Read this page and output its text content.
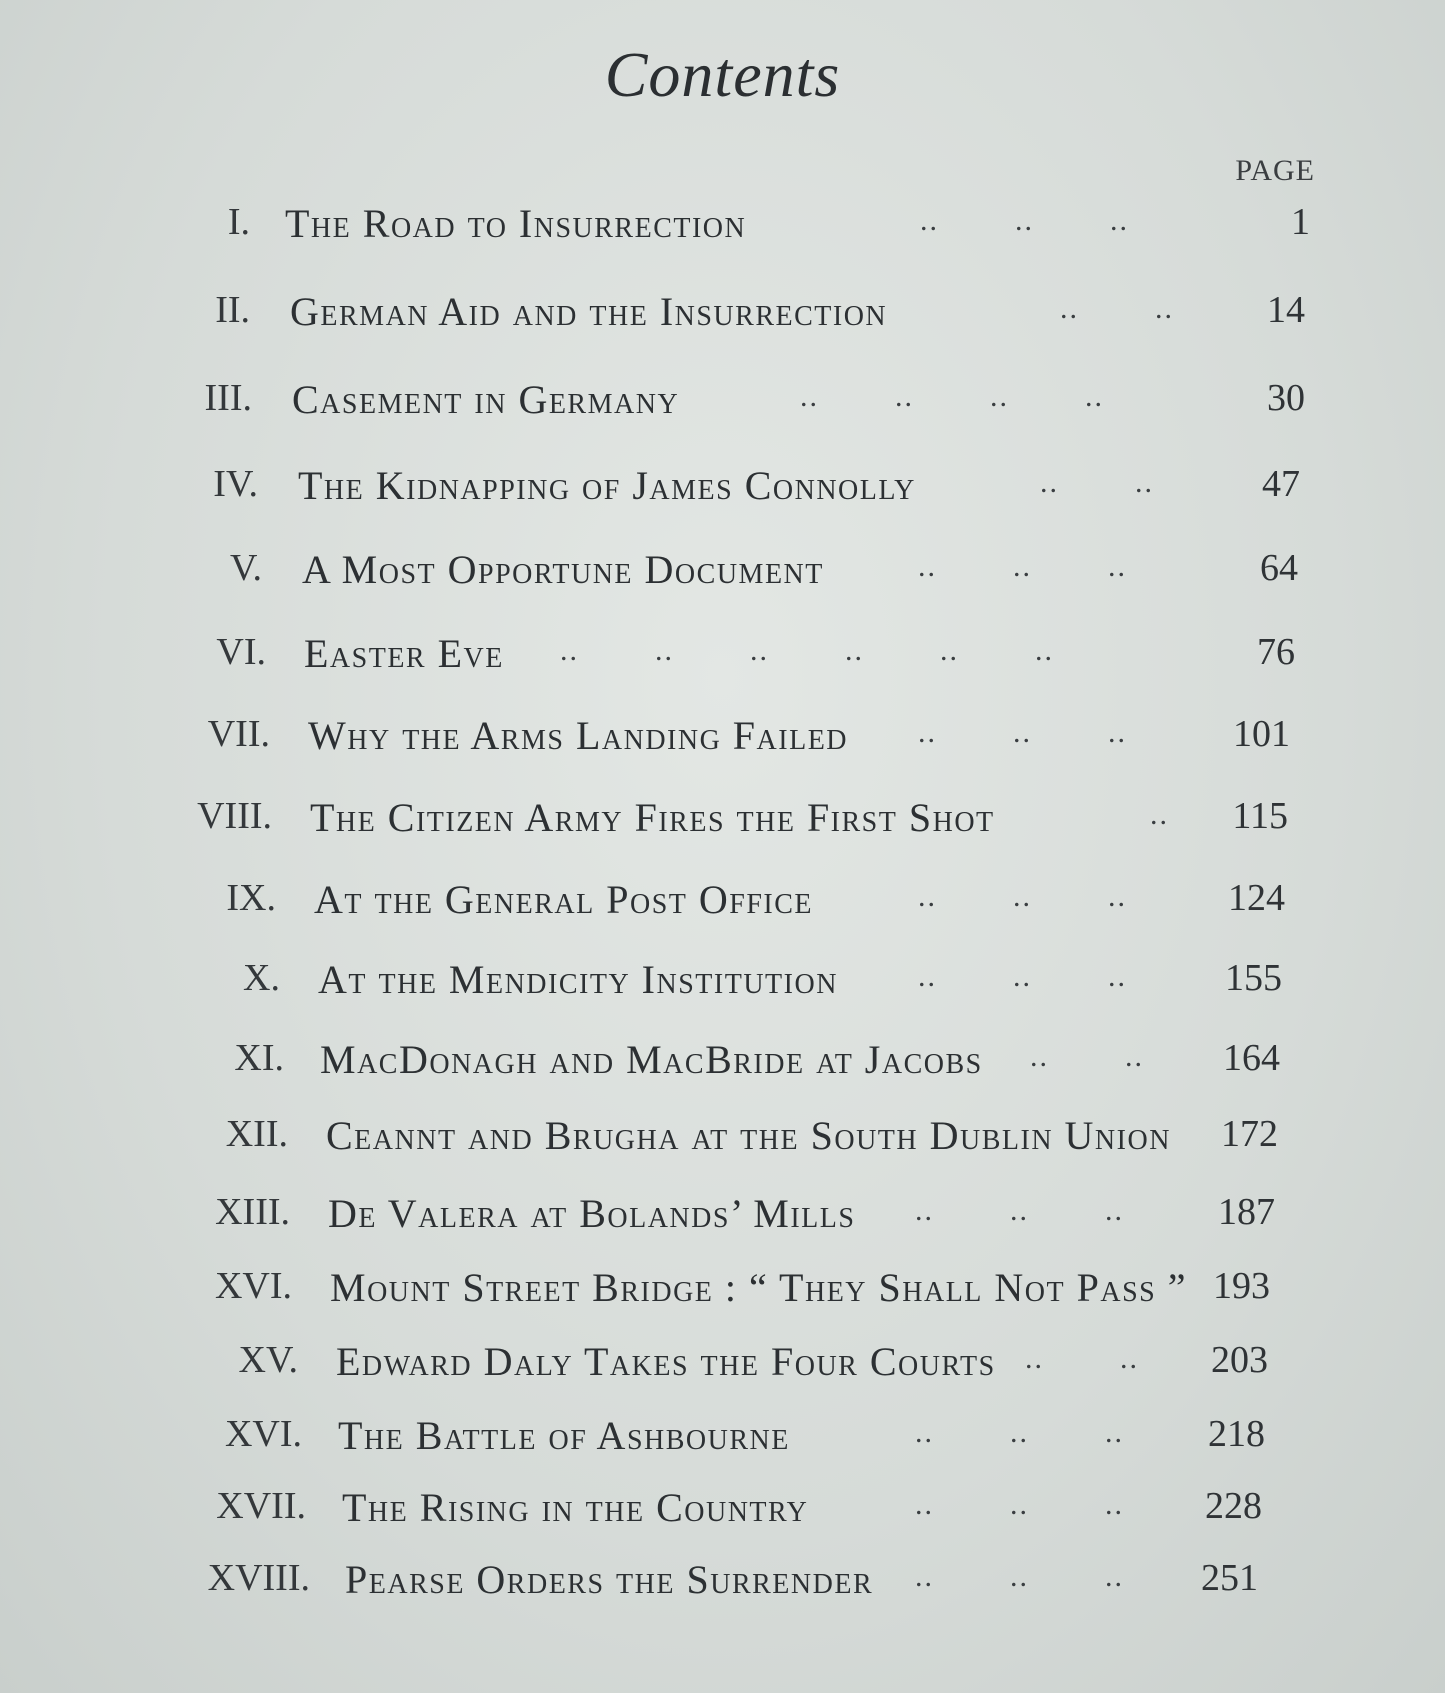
Contents
PAGE
I. The Road to Insurrection	..        ..        ..	1
II. German Aid and the Insurrection	..        ..	14
III. Casement in Germany	..        ..        ..        ..	30
IV. The Kidnapping of James Connolly	..        ..	47
V. A Most Opportune Document	..        ..        ..	64
VI. Easter Eve ..        ..        ..        ..        ..        ..	76
VII. Why the Arms Landing Failed ..        ..        ..	101
VIII. The Citizen Army Fires the First Shot	..	115
IX. At the General Post Office	..        ..        ..	124
X. At the Mendicity Institution	..        ..        ..	155
XI. MacDonagh and MacBride at Jacobs ..        ..	164
XII. Ceannt and Brugha at the South Dublin Union	172
XIII. De Valera at Bolands’ Mills ..        ..        ..	187
XVI. Mount Street Bridge : “ They Shall Not Pass ” 193
XV. Edward Daly Takes the Four Courts ..        ..	203
XVI. The Battle of Ashbourne	..        ..        ..	218
XVII. The Rising in the Country	..        ..        ..	228
XVIII. Pearse Orders the Surrender ..        ..        ..	251
